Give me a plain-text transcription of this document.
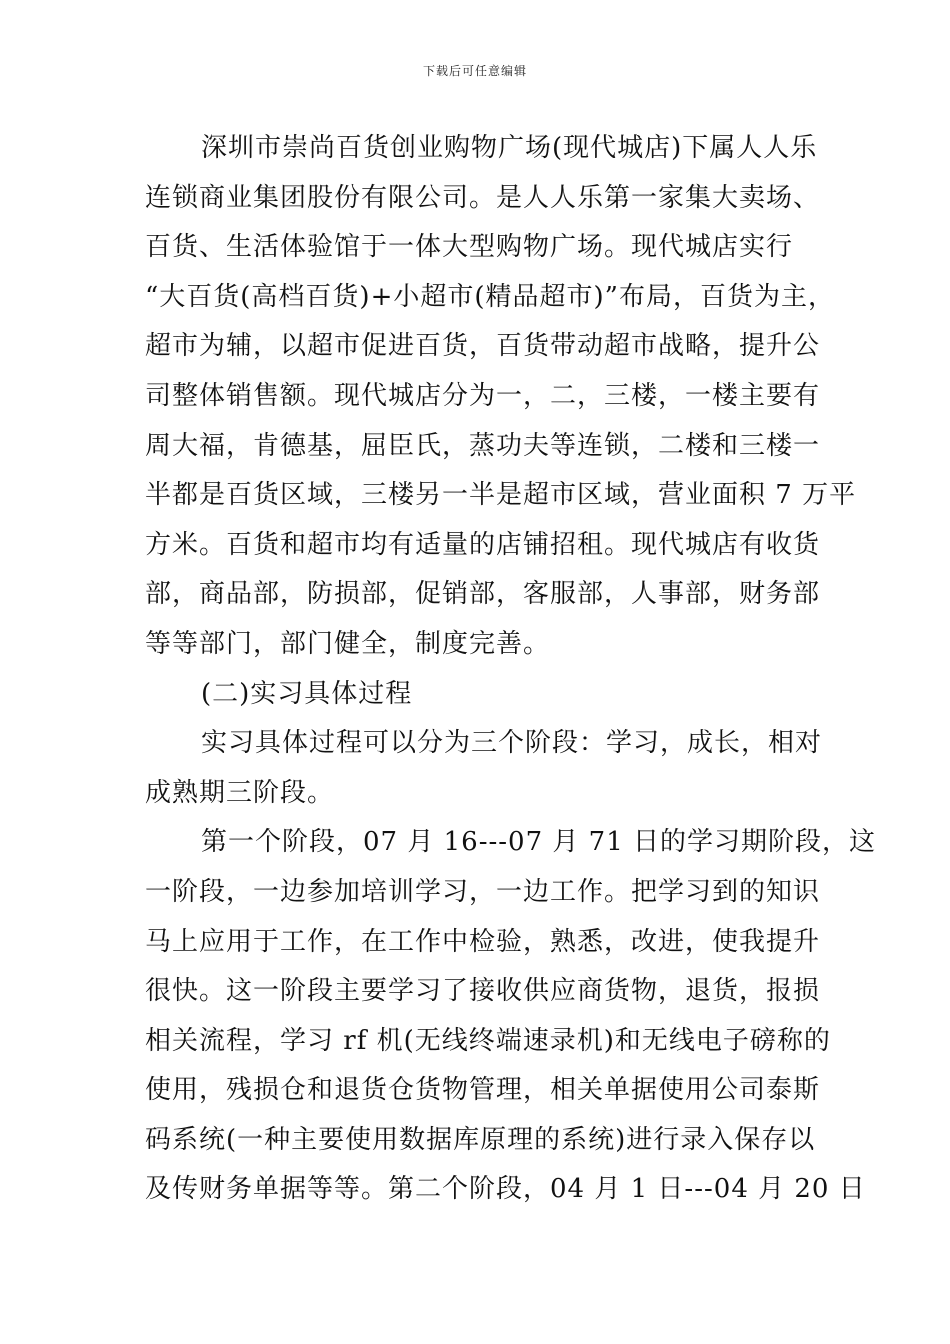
下载后可任意编辑
深圳市崇尚百货创业购物广场(现代城店)下属人人乐
连锁商业集团股份有限公司。是人人乐第一家集大卖场、
百货、生活体验馆于一体大型购物广场。现代城店实行
“大百货(高档百货)+小超市(精品超市)”布局，百货为主，
超市为辅，以超市促进百货，百货带动超市战略，提升公
司整体销售额。现代城店分为一，二，三楼，一楼主要有
周大福，肯德基，屈臣氏，蒸功夫等连锁，二楼和三楼一
半都是百货区域，三楼另一半是超市区域，营业面积 7 万平
方米。百货和超市均有适量的店铺招租。现代城店有收货
部，商品部，防损部，促销部，客服部，人事部，财务部
等等部门，部门健全，制度完善。
(二)实习具体过程
实习具体过程可以分为三个阶段：学习，成长，相对
成熟期三阶段。
第一个阶段，07 月 16---07 月 71 日的学习期阶段，这
一阶段，一边参加培训学习，一边工作。把学习到的知识
马上应用于工作，在工作中检验，熟悉，改进，使我提升
很快。这一阶段主要学习了接收供应商货物，退货，报损
相关流程，学习 rf 机(无线终端速录机)和无线电子磅称的
使用，残损仓和退货仓货物管理，相关单据使用公司泰斯
码系统(一种主要使用数据库原理的系统)进行录入保存以
及传财务单据等等。第二个阶段，04 月 1 日---04 月 20 日
